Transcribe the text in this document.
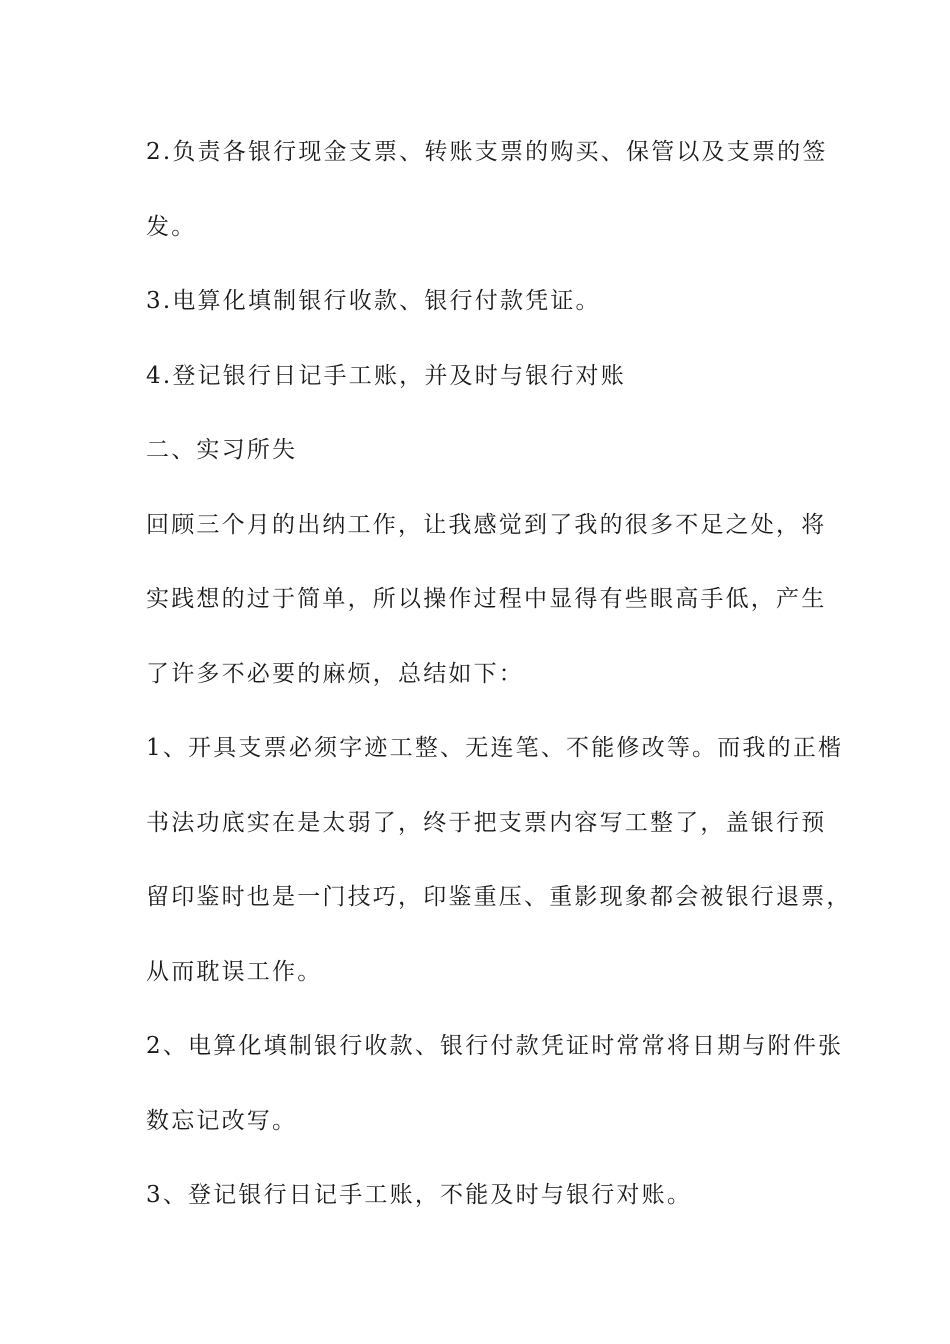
2.负责各银行现金支票、转账支票的购买、保管以及支票的签

发。

3.电算化填制银行收款、银行付款凭证。

4.登记银行日记手工账，并及时与银行对账

二、实习所失

回顾三个月的出纳工作，让我感觉到了我的很多不足之处，将

实践想的过于简单，所以操作过程中显得有些眼高手低，产生

了许多不必要的麻烦，总结如下：

1、开具支票必须字迹工整、无连笔、不能修改等。而我的正楷

书法功底实在是太弱了，终于把支票内容写工整了，盖银行预

留印鉴时也是一门技巧，印鉴重压、重影现象都会被银行退票，

从而耽误工作。

2、电算化填制银行收款、银行付款凭证时常常将日期与附件张

数忘记改写。

3、登记银行日记手工账，不能及时与银行对账。
